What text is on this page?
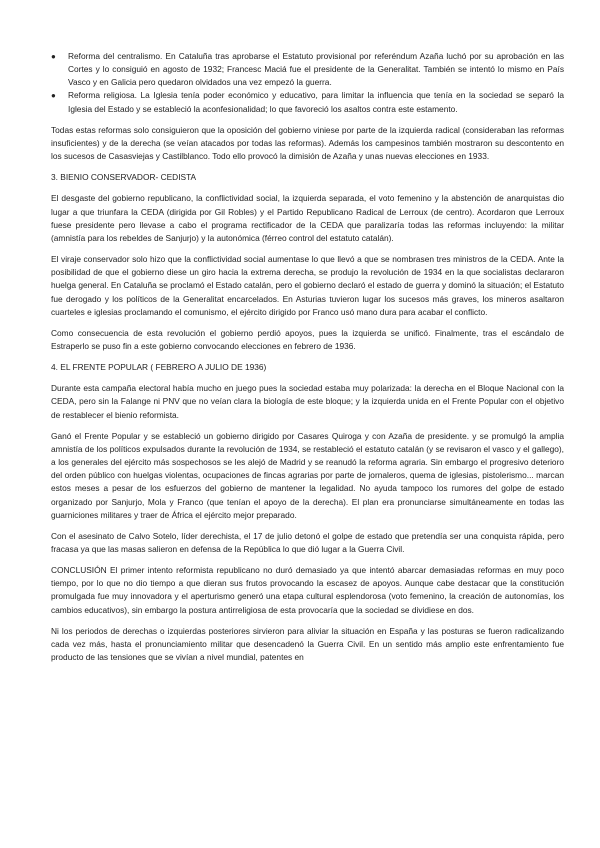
● Reforma del centralismo. En Cataluña tras aprobarse el Estatuto provisional por referéndum Azaña luchó por su aprobación en las Cortes y lo consiguió en agosto de 1932; Francesc Maciá fue el presidente de la Generalitat. También se intentó lo mismo en País Vasco y en Galicia pero quedaron olvidados una vez empezó la guerra.
● Reforma religiosa. La Iglesia tenía poder económico y educativo, para limitar la influencia que tenía en la sociedad se separó la Iglesia del Estado y se estableció la aconfesionalidad; lo que favoreció los asaltos contra este estamento.

Todas estas reformas solo consiguieron que la oposición del gobierno viniese por parte de la izquierda radical (consideraban las reformas insuficientes) y de la derecha (se veían atacados por todas las reformas). Además los campesinos también mostraron su descontento en los sucesos de Casasviejas y Castilblanco. Todo ello provocó la dimisión de Azaña y unas nuevas elecciones en 1933.

3. BIENIO CONSERVADOR- CEDISTA

El desgaste del gobierno republicano, la conflictividad social, la izquierda separada, el voto femenino y la abstención de anarquistas dio lugar a que triunfara la CEDA (dirigida por Gil Robles) y el Partido Republicano Radical de Lerroux (de centro). Acordaron que Lerroux fuese presidente pero llevase a cabo el programa rectificador de la CEDA que paralizaría todas las reformas incluyendo: la militar (amnistía para los rebeldes de Sanjurjo) y la autonómica (férreo control del estatuto catalán).

El viraje conservador solo hizo que la conflictividad social aumentase lo que llevó a que se nombrasen tres ministros de la CEDA. Ante la posibilidad de que el gobierno diese un giro hacia la extrema derecha, se produjo la revolución de 1934 en la que socialistas declararon huelga general. En Cataluña se proclamó el Estado catalán, pero el gobierno declaró el estado de guerra y dominó la situación; el Estatuto fue derogado y los políticos de la Generalitat encarcelados. En Asturias tuvieron lugar los sucesos más graves, los mineros asaltaron cuarteles e iglesias proclamando el comunismo, el ejército dirigido por Franco usó mano dura para acabar el conflicto.

Como consecuencia de esta revolución el gobierno perdió apoyos, pues la izquierda se unificó. Finalmente, tras el escándalo de Estraperlo se puso fin a este gobierno convocando elecciones en febrero de 1936.

4. EL FRENTE POPULAR ( FEBRERO A JULIO DE 1936)

Durante esta campaña electoral había mucho en juego pues la sociedad estaba muy polarizada: la derecha en el Bloque Nacional con la CEDA, pero sin la Falange ni PNV que no veían clara la biología de este bloque; y la izquierda unida en el Frente Popular con el objetivo de restablecer el bienio reformista.

Ganó el Frente Popular y se estableció un gobierno dirigido por Casares Quiroga y con Azaña de presidente. y se promulgó la amplia amnistía de los políticos expulsados durante la revolución de 1934, se restableció el estatuto catalán (y se revisaron el vasco y el gallego), a los generales del ejército más sospechosos se les alejó de Madrid y se reanudó la reforma agraria. Sin embargo el progresivo deterioro del orden público con huelgas violentas, ocupaciones de fincas agrarias por parte de jornaleros, quema de iglesias, pistolerismo... marcan estos meses a pesar de los esfuerzos del gobierno de mantener la legalidad. No ayuda tampoco los rumores del golpe de estado organizado por Sanjurjo, Mola y Franco (que tenían el apoyo de la derecha). El plan era pronunciarse simultáneamente en todas las guarniciones militares y traer de África el ejército mejor preparado.

Con el asesinato de Calvo Sotelo, líder derechista, el 17 de julio detonó el golpe de estado que pretendía ser una conquista rápida, pero fracasa ya que las masas salieron en defensa de la República lo que dió lugar a la Guerra Civil.

CONCLUSIÓN El primer intento reformista republicano no duró demasiado ya que intentó abarcar demasiadas reformas en muy poco tiempo, por lo que no dio tiempo a que dieran sus frutos provocando la escasez de apoyos. Aunque cabe destacar que la constitución promulgada fue muy innovadora y el aperturismo generó una etapa cultural esplendorosa (voto femenino, la creación de autonomías, los cambios educativos), sin embargo la postura antirreligiosa de esta provocaría que la sociedad se dividiese en dos.

Ni los periodos de derechas o izquierdas posteriores sirvieron para aliviar la situación en España y las posturas se fueron radicalizando cada vez más, hasta el pronunciamiento militar que desencadenó la Guerra Civil. En un sentido más amplio este enfrentamiento fue producto de las tensiones que se vivían a nivel mundial, patentes en
